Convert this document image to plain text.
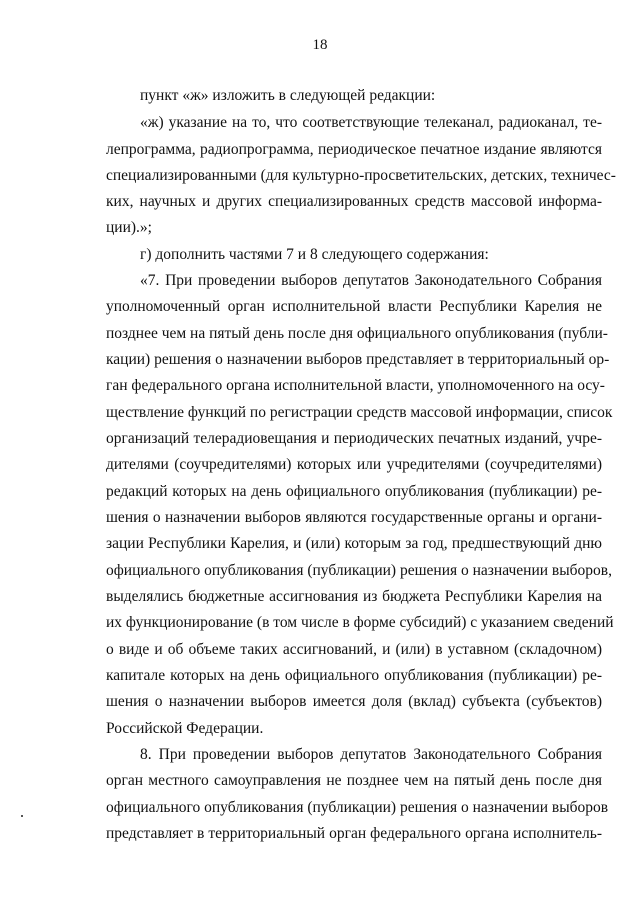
18
пункт «ж» изложить в следующей редакции:
«ж) указание на то, что соответствующие телеканал, радиоканал, те-
лепрограмма, радиопрограмма, периодическое печатное издание являются
специализированными (для культурно-просветительских, детских, техничес-
ких, научных и других специализированных средств массовой информа-
ции).»;
г) дополнить частями 7 и 8 следующего содержания:
«7. При проведении выборов депутатов Законодательного Собрания
уполномоченный орган исполнительной власти Республики Карелия не
позднее чем на пятый день после дня официального опубликования (публи-
кации) решения о назначении выборов представляет в территориальный ор-
ган федерального органа исполнительной власти, уполномоченного на осу-
ществление функций по регистрации средств массовой информации, список
организаций телерадиовещания и периодических печатных изданий, учре-
дителями (соучредителями) которых или учредителями (соучредителями)
редакций которых на день официального опубликования (публикации) ре-
шения о назначении выборов являются государственные органы и органи-
зации Республики Карелия, и (или) которым за год, предшествующий дню
официального опубликования (публикации) решения о назначении выборов,
выделялись бюджетные ассигнования из бюджета Республики Карелия на
их функционирование (в том числе в форме субсидий) с указанием сведений
о виде и об объеме таких ассигнований, и (или) в уставном (складочном)
капитале которых на день официального опубликования (публикации) ре-
шения о назначении выборов имеется доля (вклад) субъекта (субъектов)
Российской Федерации.
8. При проведении выборов депутатов Законодательного Собрания
орган местного самоуправления не позднее чем на пятый день после дня
официального опубликования (публикации) решения о назначении выборов
представляет в территориальный орган федерального органа исполнитель-
